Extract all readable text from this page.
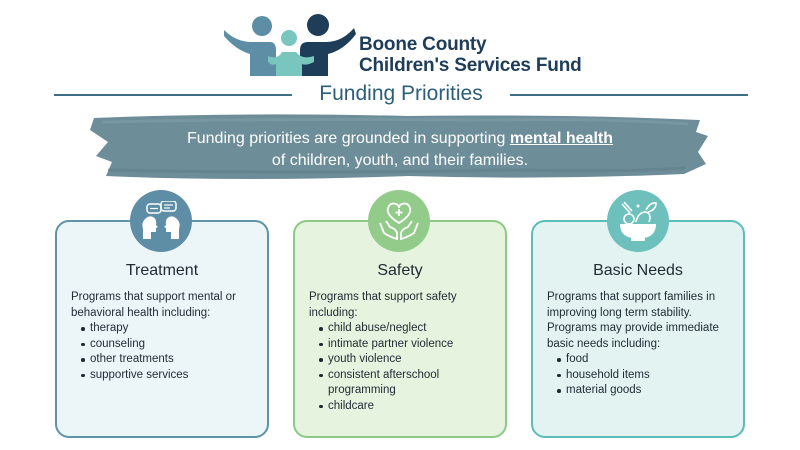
Boone County
Children's Services Fund
Funding Priorities
Funding priorities are grounded in supporting mental health
of children, youth, and their families.
Treatment
Programs that support mental or behavioral health including:
therapy
counseling
other treatments
supportive services
Safety
Programs that support safety including:
child abuse/neglect
intimate partner violence
youth violence
consistent afterschool programming
childcare
Basic Needs
Programs that support families in improving long term stability. Programs may provide immediate basic needs including:
food
household items
material goods
